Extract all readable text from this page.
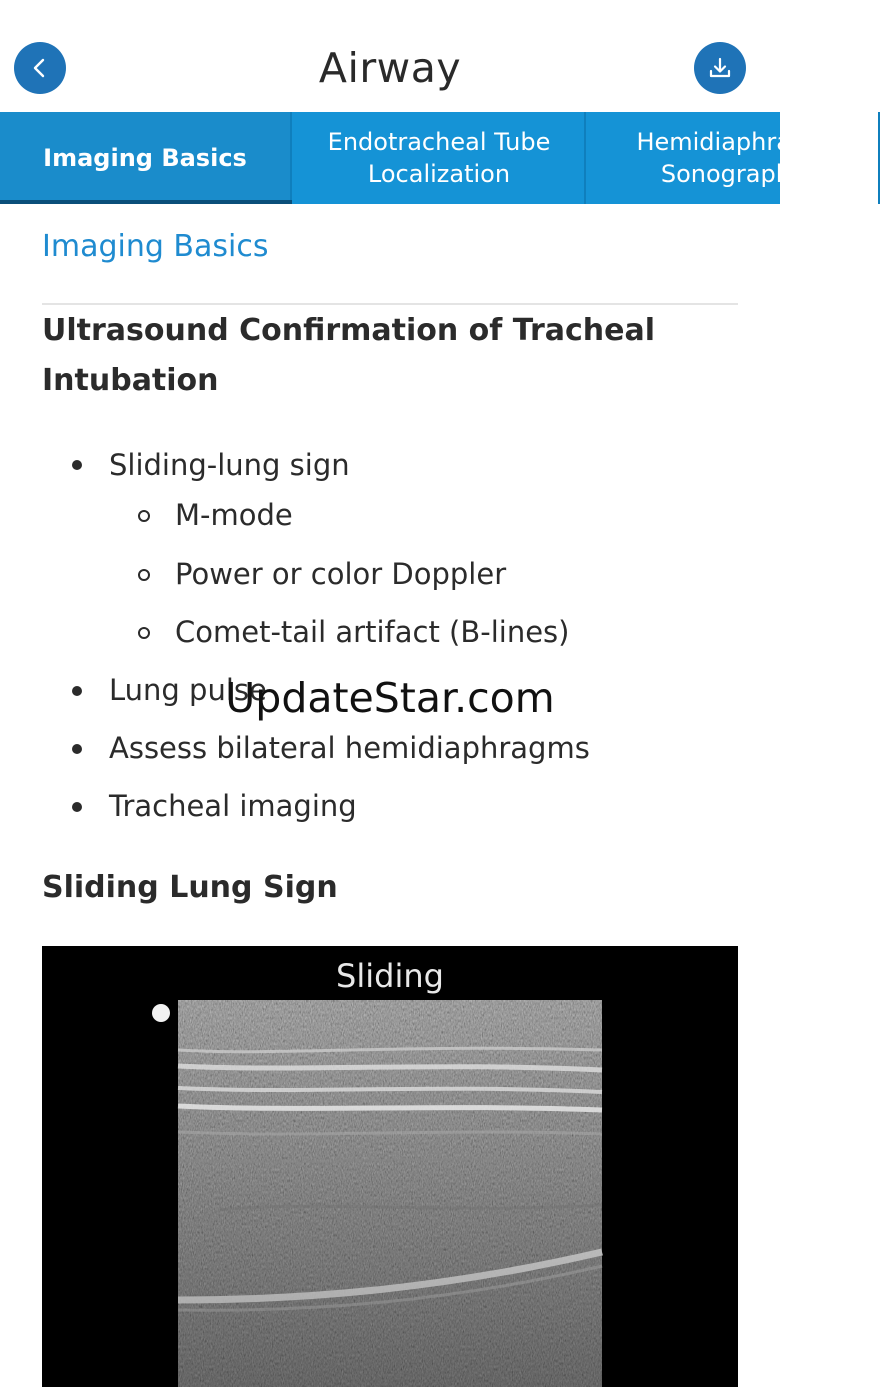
Airway
Imaging Basics
Endotracheal Tube
Localization
Hemidiaphragm
Sonography
Imaging Basics
Ultrasound Confirmation of Tracheal Intubation
Sliding-lung sign
M-mode
Power or color Doppler
Comet-tail artifact (B-lines)
Lung pulse
Assess bilateral hemidiaphragms
Tracheal imaging
UpdateStar.com
Sliding Lung Sign
Sliding
